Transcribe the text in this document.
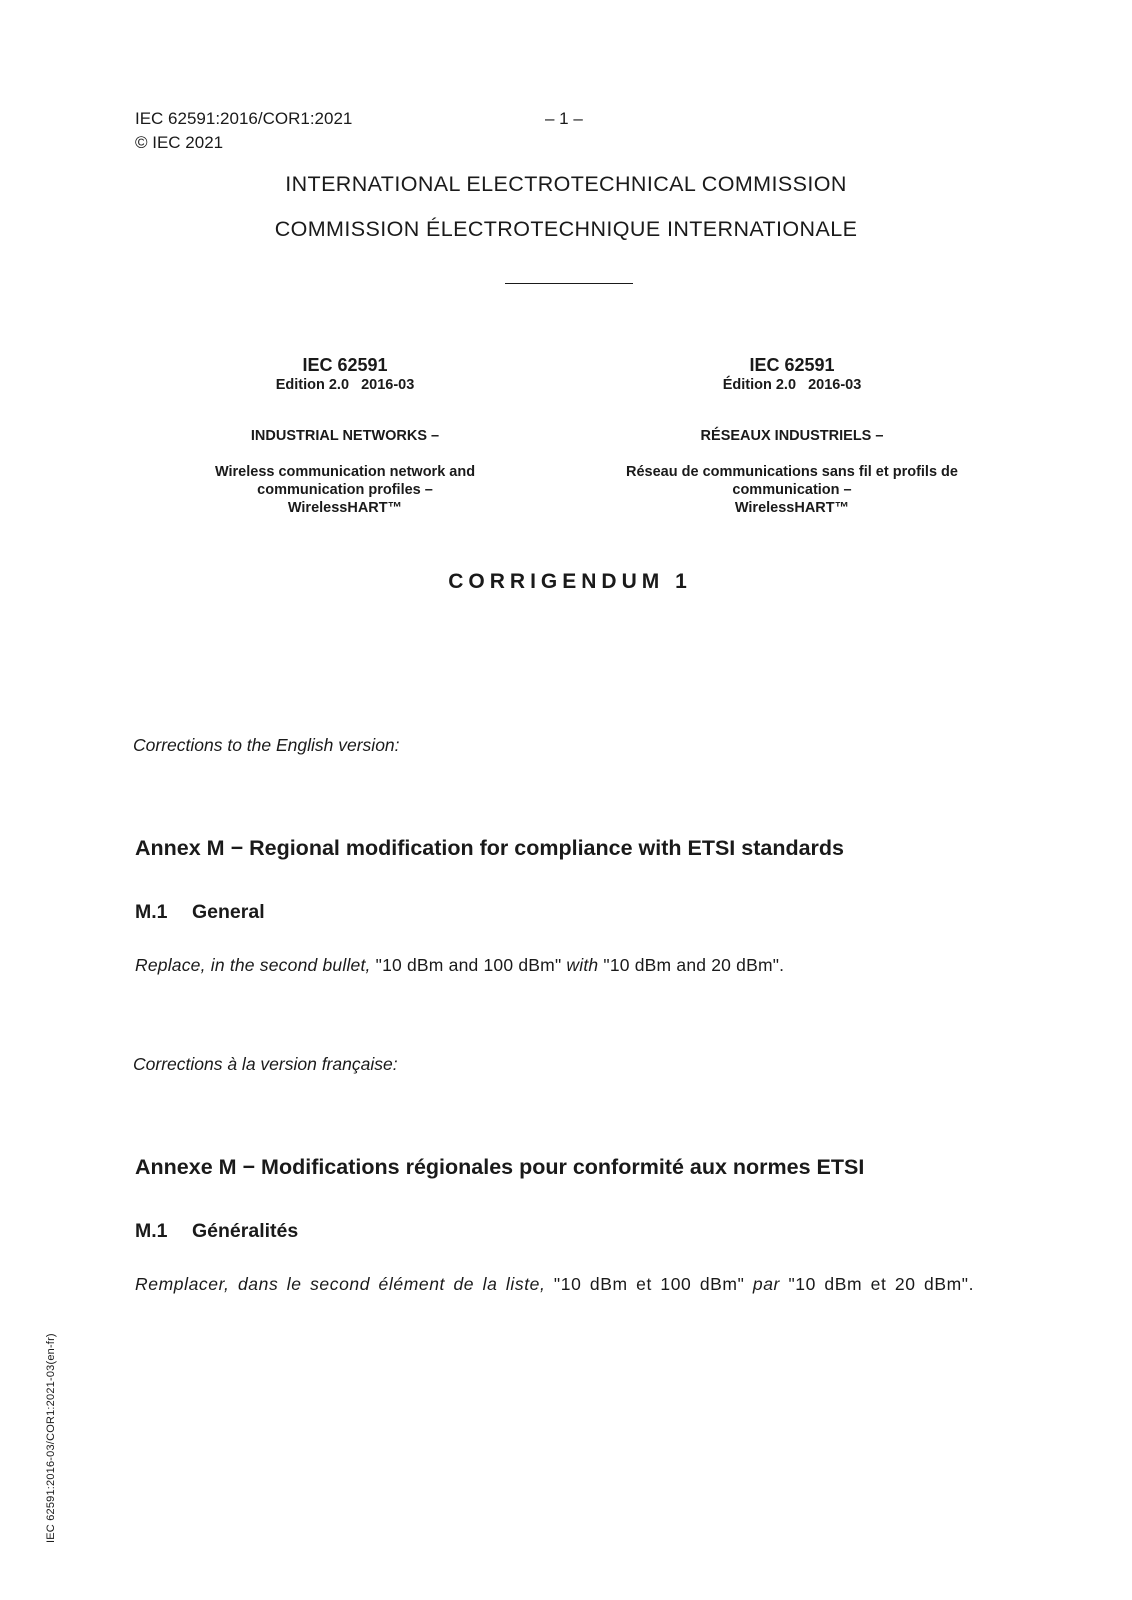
IEC 62591:2016/COR1:2021
© IEC 2021
– 1 –
INTERNATIONAL ELECTROTECHNICAL COMMISSION
COMMISSION ÉLECTROTECHNIQUE INTERNATIONALE
IEC 62591
Edition 2.0   2016-03
INDUSTRIAL NETWORKS –
Wireless communication network and
communication profiles –
WirelessHART™
IEC 62591
Édition 2.0   2016-03
RÉSEAUX INDUSTRIELS –
Réseau de communications sans fil et profils de
communication –
WirelessHART™
CORRIGENDUM 1
Corrections to the English version:
Annex M − Regional modification for compliance with ETSI standards
M.1 General
Replace, in the second bullet, "10 dBm and 100 dBm" with "10 dBm and 20 dBm".
Corrections à la version française:
Annexe M − Modifications régionales pour conformité aux normes ETSI
M.1 Généralités
Remplacer, dans le second élément de la liste, "10 dBm et 100 dBm" par "10 dBm et 20 dBm".
IEC 62591:2016-03/COR1:2021-03(en-fr)
